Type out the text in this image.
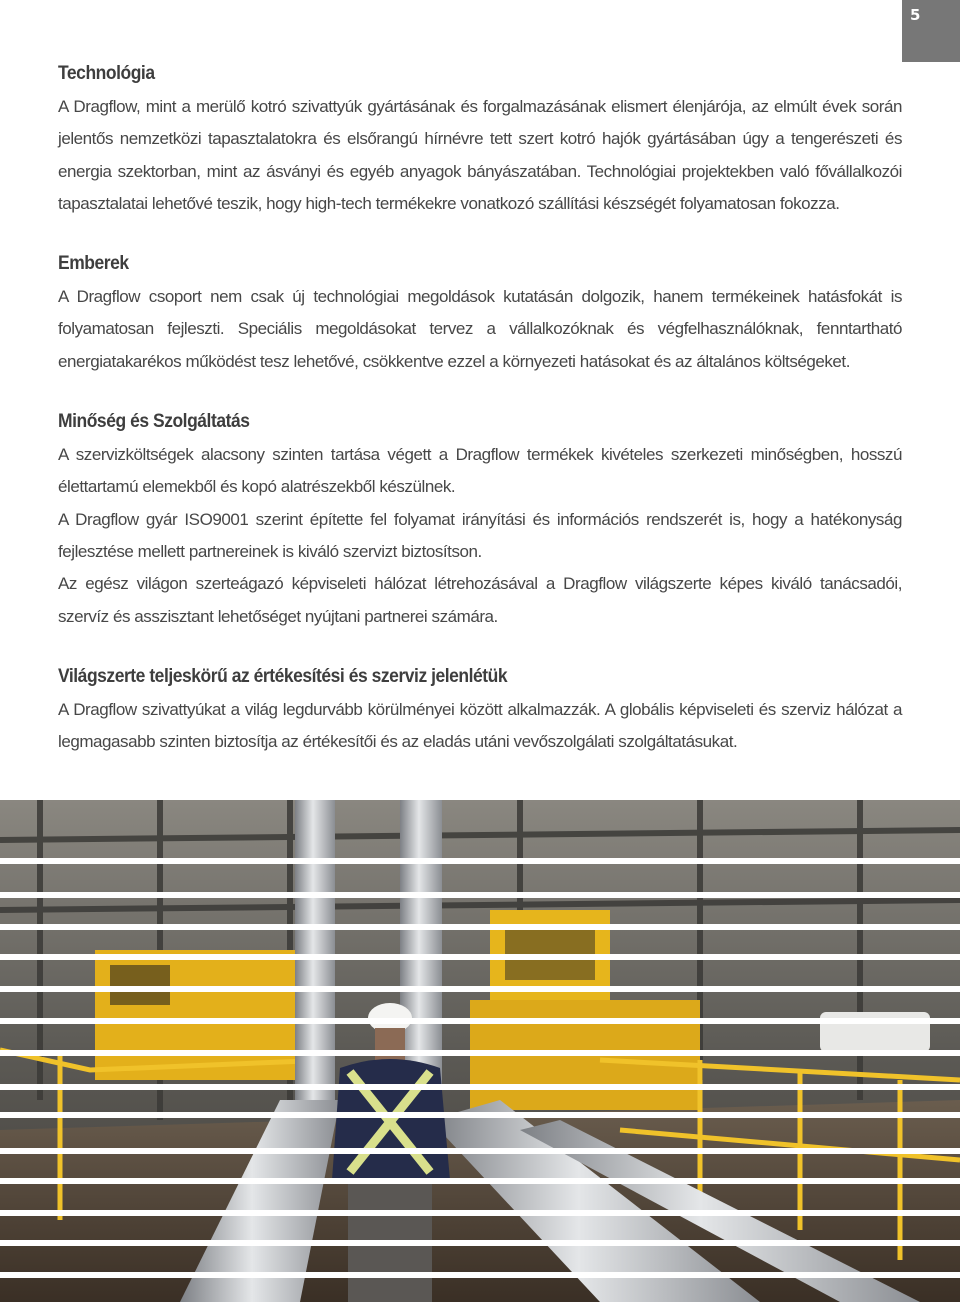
5
Technológia

A Dragflow, mint a merülő kotró szivattyúk gyártásának és forgalmazásának elismert élenjárója, az elmúlt évek során jelentős nemzetközi tapasztalatokra és elsőrangú hírnévre tett szert kotró hajók gyártásában úgy a tengerészeti és energia szektorban, mint az ásványi és egyéb anyagok bányászatában. Technológiai projektekben való fővállalkozói tapasztalatai lehetővé teszik, hogy high-tech termékekre vonatkozó szállítási készségét folyamatosan fokozza.

Emberek

A Dragflow csoport nem csak új technológiai megoldások kutatásán dolgozik, hanem termékeinek hatásfokát is folyamatosan fejleszti. Speciális megoldásokat tervez a vállalkozóknak és végfelhasználóknak, fenntartható energiatakarékos működést tesz lehetővé, csökkentve ezzel a környezeti hatásokat és az általános költségeket.

Minőség és Szolgáltatás

A szervizköltségek alacsony szinten tartása végett a Dragflow termékek kivételes szerkezeti minőségben, hosszú élettartamú elemekből és kopó alatrészekből készülnek.

A Dragflow gyár ISO9001 szerint építette fel folyamat irányítási és információs rendszerét is, hogy a hatékonyság fejlesztése mellett partnereinek is kiváló szervizt biztosítson.

Az egész világon szerteágazó képviseleti hálózat létrehozásával a Dragflow világszerte képes kiváló tanácsadói, szervíz és asszisztant lehetőséget nyújtani partnerei számára.

Világszerte teljeskörű az értékesítési és szerviz jelenlétük

A Dragflow szivattyúkat a világ legdurvább körülményei között alkalmazzák. A globális képviseleti és szerviz hálózat a legmagasabb szinten biztosítja az értékesítői és az eladás utáni vevőszolgálati szolgáltatásukat.
